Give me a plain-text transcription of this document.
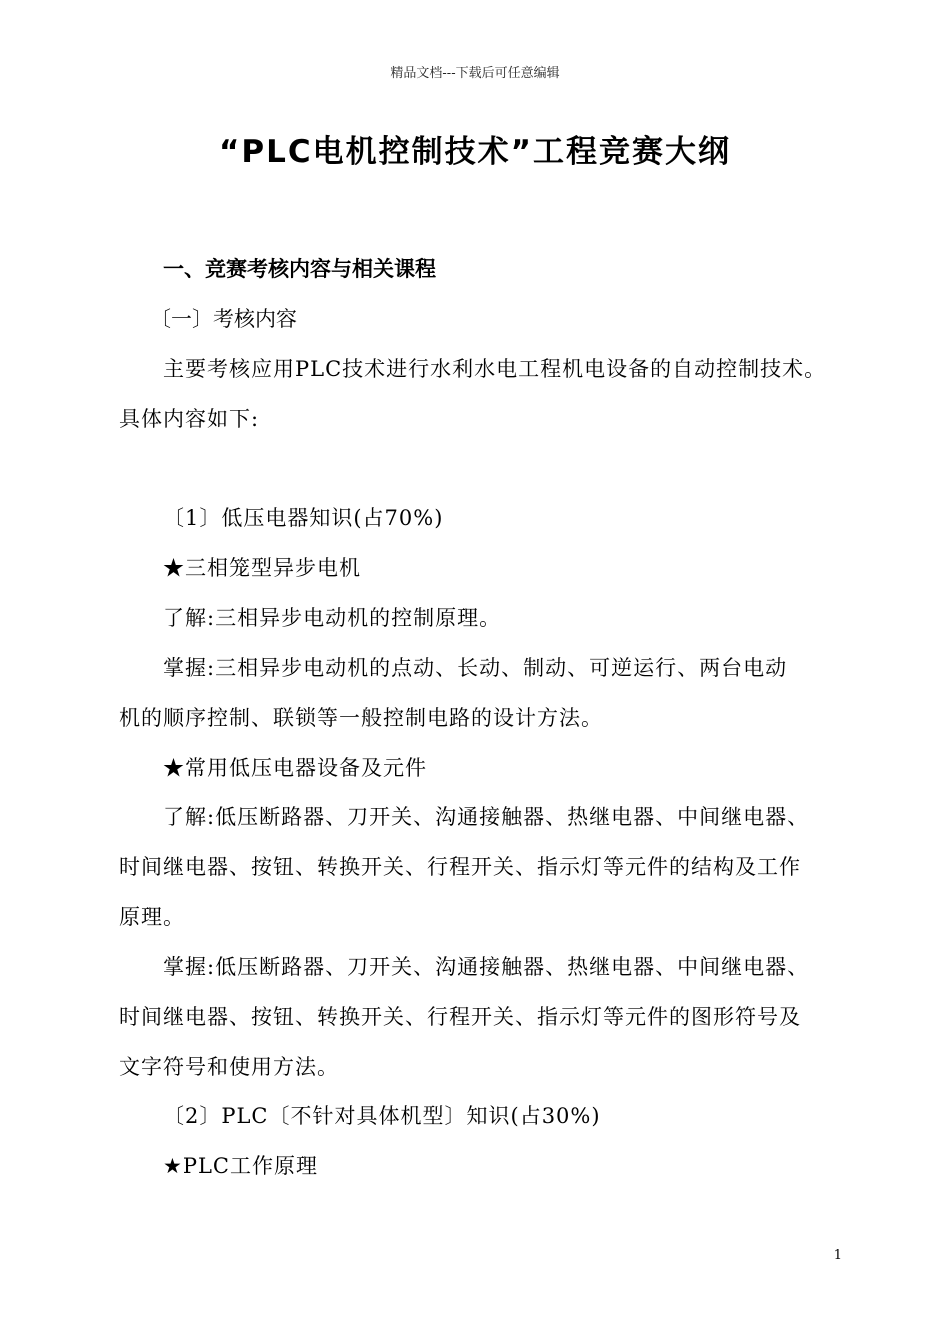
精品文档---下载后可任意编辑
“PLC电机控制技术”工程竞赛大纲
一、竞赛考核内容与相关课程
〔一〕考核内容
主要考核应用PLC技术进行水利水电工程机电设备的自动控制技术。
具体内容如下:
〔1〕低压电器知识(占70%)
★三相笼型异步电机
了解:三相异步电动机的控制原理。
掌握:三相异步电动机的点动、长动、制动、可逆运行、两台电动
机的顺序控制、联锁等一般控制电路的设计方法。
★常用低压电器设备及元件
了解:低压断路器、刀开关、沟通接触器、热继电器、中间继电器、
时间继电器、按钮、转换开关、行程开关、指示灯等元件的结构及工作
原理。
掌握:低压断路器、刀开关、沟通接触器、热继电器、中间继电器、
时间继电器、按钮、转换开关、行程开关、指示灯等元件的图形符号及
文字符号和使用方法。
〔2〕PLC〔不针对具体机型〕知识(占30%)
★PLC工作原理
1
